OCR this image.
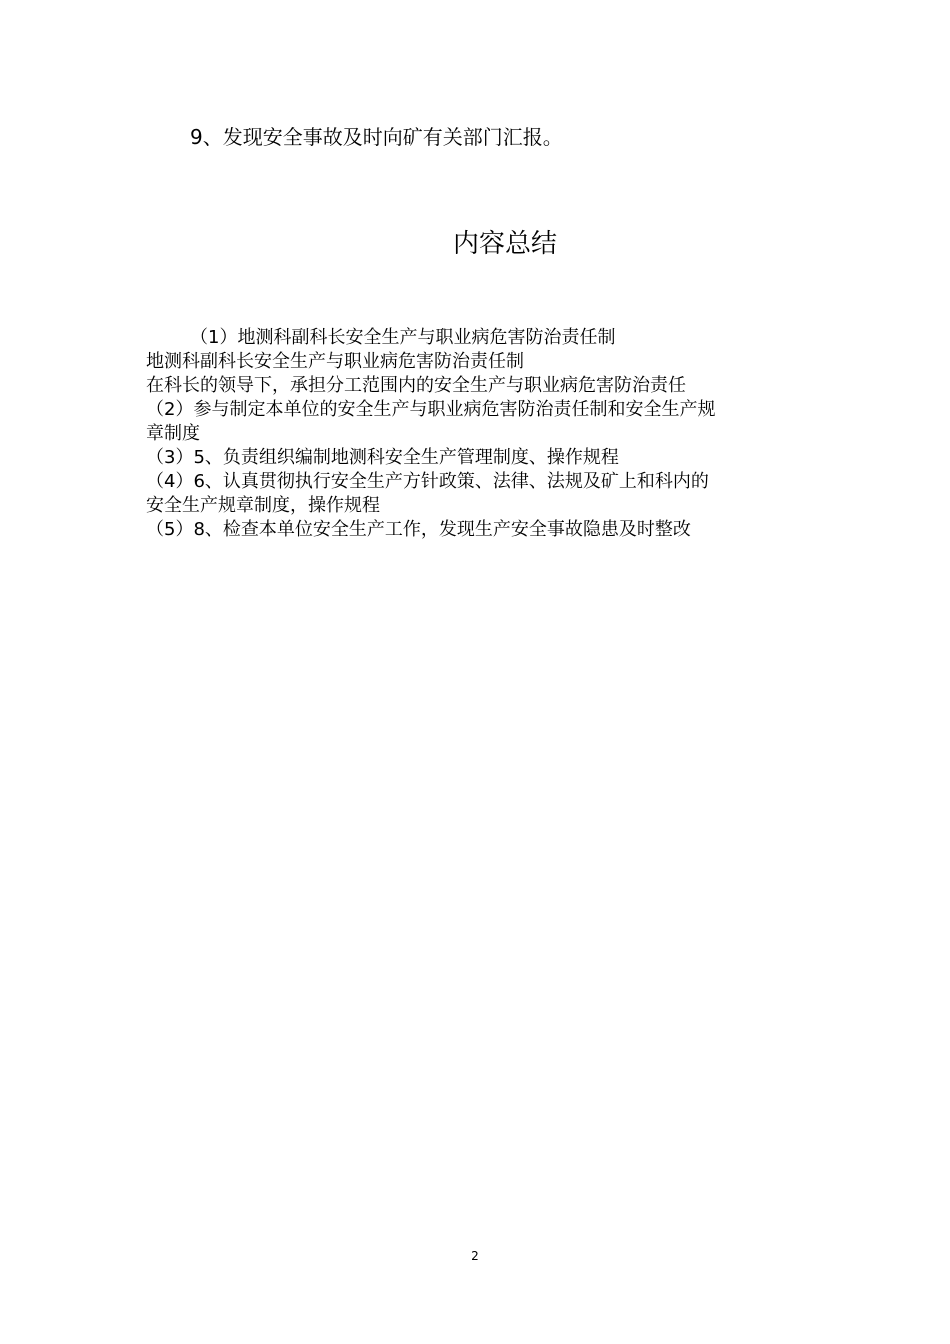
9、发现安全事故及时向矿有关部门汇报。
内容总结
（1）地测科副科长安全生产与职业病危害防治责任制
地测科副科长安全生产与职业病危害防治责任制
在科长的领导下，承担分工范围内的安全生产与职业病危害防治责任
（2）参与制定本单位的安全生产与职业病危害防治责任制和安全生产规
章制度
（3）5、负责组织编制地测科安全生产管理制度、操作规程
（4）6、认真贯彻执行安全生产方针政策、法律、法规及矿上和科内的
安全生产规章制度，操作规程
（5）8、检查本单位安全生产工作，发现生产安全事故隐患及时整改
2
